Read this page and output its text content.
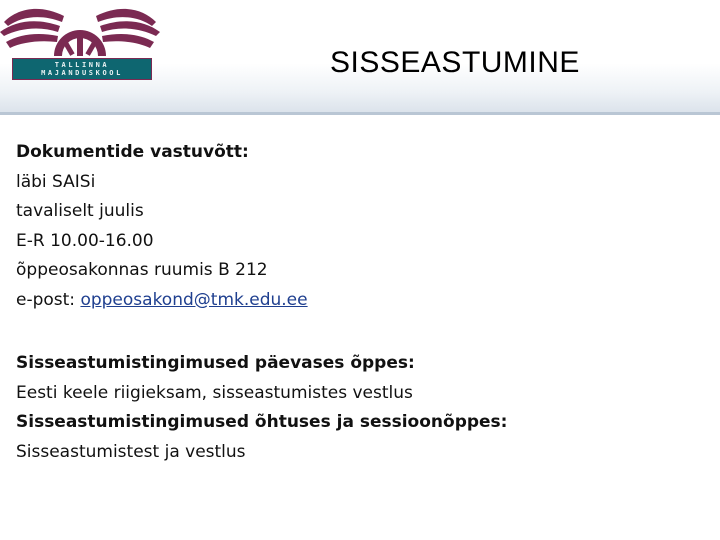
TALLINNA
MAJANDUSKOOL	SISSEASTUMINE
Dokumentide vastuvõtt:
läbi SAISi
tavaliselt juulis
E-R 10.00-16.00
õppeosakonnas ruumis B 212
e-post: oppeosakond@tmk.edu.ee
Sisseastumistingimused päevases õppes:
Eesti keele riigieksam, sisseastumistes vestlus
Sisseastumistingimused õhtuses ja sessioonõppes:
Sisseastumistest ja vestlus
